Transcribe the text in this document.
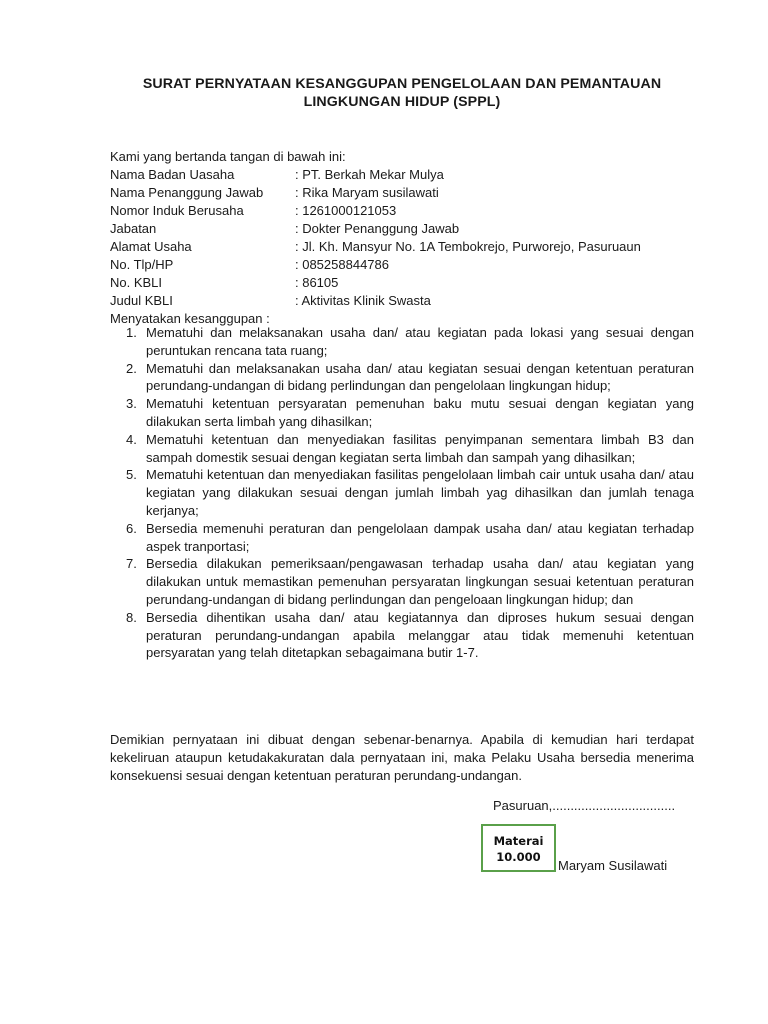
SURAT PERNYATAAN KESANGGUPAN PENGELOLAAN DAN PEMANTAUAN
LINGKUNGAN HIDUP (SPPL)
Kami yang bertanda tangan di bawah ini:
Nama Badan Uasaha	: PT. Berkah Mekar Mulya
Nama Penanggung Jawab	: Rika Maryam susilawati
Nomor Induk Berusaha	: 1261000121053
Jabatan	: Dokter Penanggung Jawab
Alamat Usaha	: Jl. Kh. Mansyur No. 1A Tembokrejo, Purworejo, Pasuruaun
No. Tlp/HP	: 085258844786
No. KBLI	: 86105
Judul KBLI	: Aktivitas Klinik Swasta
Menyatakan kesanggupan :
1. Mematuhi dan melaksanakan usaha dan/ atau kegiatan pada lokasi yang sesuai dengan peruntukan rencana tata ruang;
2. Mematuhi dan melaksanakan usaha dan/ atau kegiatan sesuai dengan ketentuan peraturan perundang-undangan di bidang perlindungan dan pengelolaan lingkungan hidup;
3. Mematuhi ketentuan persyaratan pemenuhan baku mutu sesuai dengan kegiatan yang dilakukan serta limbah yang dihasilkan;
4. Mematuhi ketentuan dan menyediakan fasilitas penyimpanan sementara limbah B3 dan sampah domestik sesuai dengan kegiatan serta limbah dan sampah yang dihasilkan;
5. Mematuhi ketentuan dan menyediakan fasilitas pengelolaan limbah cair untuk usaha dan/ atau kegiatan yang dilakukan sesuai dengan jumlah limbah yag dihasilkan dan jumlah tenaga kerjanya;
6. Bersedia memenuhi peraturan dan pengelolaan dampak usaha dan/ atau kegiatan terhadap aspek tranportasi;
7. Bersedia dilakukan pemeriksaan/pengawasan terhadap usaha dan/ atau kegiatan yang dilakukan untuk memastikan pemenuhan persyaratan lingkungan sesuai ketentuan peraturan perundang-undangan di bidang perlindungan dan pengeloaan lingkungan hidup; dan
8. Bersedia dihentikan usaha dan/ atau kegiatannya dan diproses hukum sesuai dengan peraturan perundang-undangan apabila melanggar atau tidak memenuhi ketentuan persyaratan yang telah ditetapkan sebagaimana butir 1-7.
Demikian pernyataan ini dibuat dengan sebenar-benarnya. Apabila di kemudian hari terdapat kekeliruan ataupun ketudakakuratan dala pernyataan ini, maka Pelaku Usaha bersedia menerima konsekuensi sesuai dengan ketentuan peraturan perundang-undangan.
Pasuruan,..................................
Materai
10.000
Maryam Susilawati
